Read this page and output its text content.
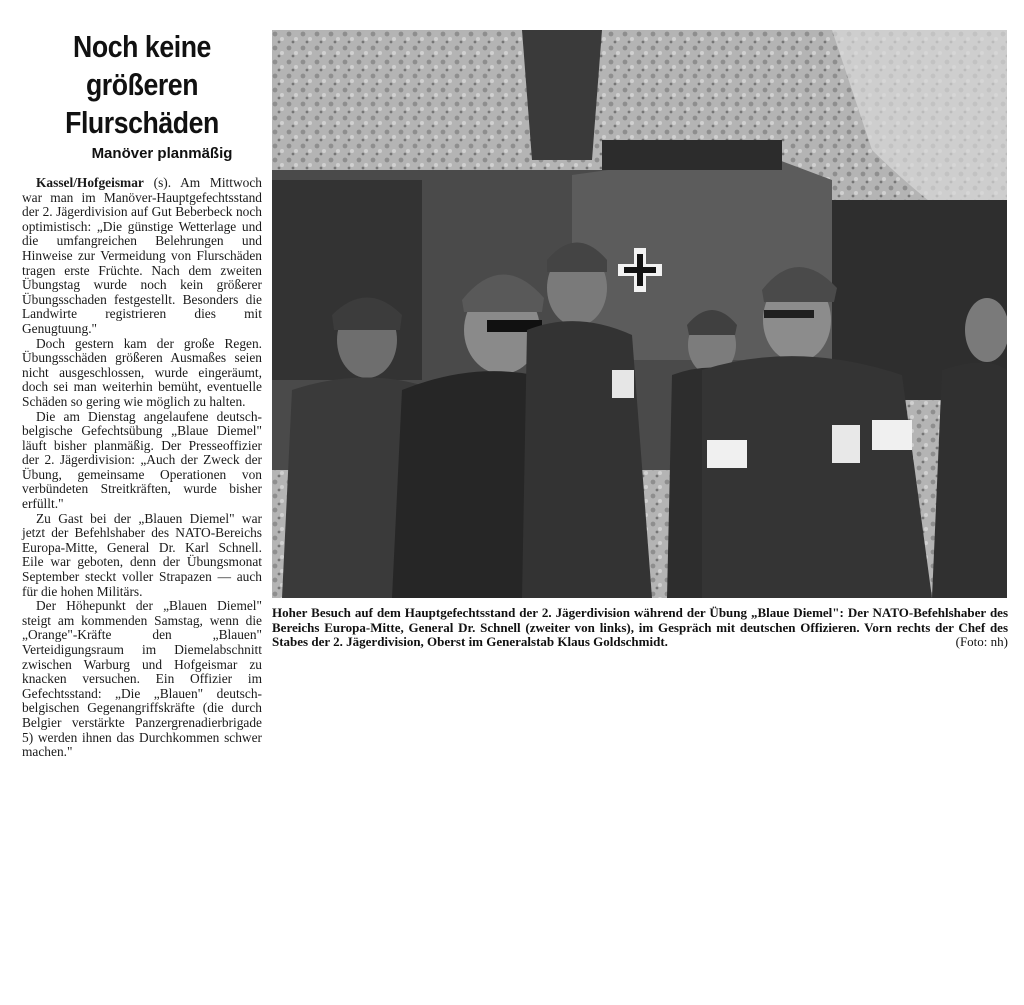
Noch keine
größeren
Flurschäden
Manöver planmäßig

Kassel/Hofgeismar (s). Am Mittwoch war man im Manöver-Hauptgefechtsstand der 2. Jägerdivision auf Gut Beberbeck noch optimistisch: „Die günstige Wetterlage und die umfangreichen Belehrungen und Hinweise zur Vermeidung von Flurschäden tragen erste Früchte. Nach dem zweiten Übungstag wurde noch kein größerer Übungsschaden festgestellt. Besonders die Landwirte registrieren dies mit Genugtuung."

Doch gestern kam der große Regen. Übungsschäden größeren Ausmaßes seien nicht ausgeschlossen, wurde eingeräumt, doch sei man weiterhin bemüht, eventuelle Schäden so gering wie möglich zu halten.

Die am Dienstag angelaufene deutsch-belgische Gefechtsübung „Blaue Diemel" läuft bisher planmäßig. Der Presseoffizier der 2. Jägerdivision: „Auch der Zweck der Übung, gemeinsame Operationen von verbündeten Streitkräften, wurde bisher erfüllt."

Zu Gast bei der „Blauen Diemel" war jetzt der Befehlshaber des NATO-Bereichs Europa-Mitte, General Dr. Karl Schnell. Eile war geboten, denn der Übungsmonat September steckt voller Strapazen — auch für die hohen Militärs.

Der Höhepunkt der „Blauen Diemel" steigt am kommenden Samstag, wenn die „Orange"-Kräfte den „Blauen" Verteidigungsraum im Diemelabschnitt zwischen Warburg und Hofgeismar zu knacken versuchen. Ein Offizier im Gefechtsstand: „Die „Blauen" deutsch-belgischen Gegenangriffskräfte (die durch Belgier verstärkte Panzergrenadierbrigade 5) werden ihnen das Durchkommen schwer machen."

Hoher Besuch auf dem Hauptgefechtsstand der 2. Jägerdivision während der Übung „Blaue Diemel": Der NATO-Befehlshaber des Bereichs Europa-Mitte, General Dr. Schnell (zweiter von links), im Gespräch mit deutschen Offizieren. Vorn rechts der Chef des Stabes der 2. Jägerdivision, Oberst im Generalstab Klaus Goldschmidt.	(Foto: nh)
